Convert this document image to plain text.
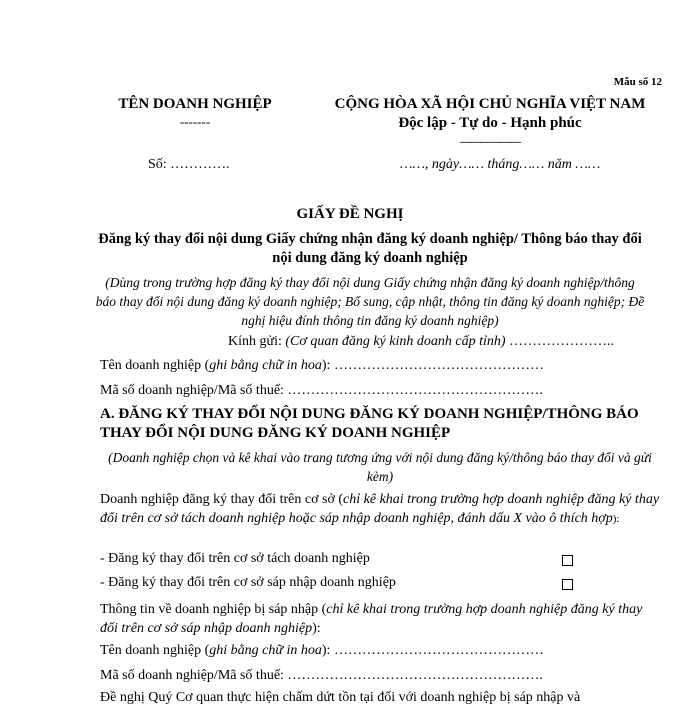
Mẫu số 12
TÊN DOANH NGHIỆP
-------
CỘNG HÒA XÃ HỘI CHỦ NGHĨA VIỆT NAM
Độc lập - Tự do - Hạnh phúc
——————
Số: ………….	……, ngày…… tháng…… năm ……
GIẤY ĐỀ NGHỊ
Đăng ký thay đổi nội dung Giấy chứng nhận đăng ký doanh nghiệp/ Thông báo thay đổi nội dung đăng ký doanh nghiệp
(Dùng trong trường hợp đăng ký thay đổi nội dung Giấy chứng nhận đăng ký doanh nghiệp/thông báo thay đổi nội dung đăng ký doanh nghiệp; Bổ sung, cập nhật, thông tin đăng ký doanh nghiệp; Đề nghị hiệu đính thông tin đăng ký doanh nghiệp)
Kính gửi: (Cơ quan đăng ký kinh doanh cấp tỉnh) …………………..
Tên doanh nghiệp (ghi bằng chữ in hoa): ………………………………………
Mã số doanh nghiệp/Mã số thuế: ……………………………………………….
A. ĐĂNG KÝ THAY ĐỔI NỘI DUNG ĐĂNG KÝ DOANH NGHIỆP/THÔNG BÁO THAY ĐỔI NỘI DUNG ĐĂNG KÝ DOANH NGHIỆP
(Doanh nghiệp chọn và kê khai vào trang tương ứng với nội dung đăng ký/thông báo thay đổi và gửi kèm)
Doanh nghiệp đăng ký thay đổi trên cơ sở (chỉ kê khai trong trường hợp doanh nghiệp đăng ký thay đổi trên cơ sở tách doanh nghiệp hoặc sáp nhập doanh nghiệp, đánh dấu X vào ô thích hợp):
- Đăng ký thay đổi trên cơ sở tách doanh nghiệp
- Đăng ký thay đổi trên cơ sở sáp nhập doanh nghiệp
Thông tin về doanh nghiệp bị sáp nhập (chỉ kê khai trong trường hợp doanh nghiệp đăng ký thay đổi trên cơ sở sáp nhập doanh nghiệp):
Tên doanh nghiệp (ghi bằng chữ in hoa): ………………………………………
Mã số doanh nghiệp/Mã số thuế: ……………………………………………….
Đề nghị Quý Cơ quan thực hiện chấm dứt tồn tại đối với doanh nghiệp bị sáp nhập và
